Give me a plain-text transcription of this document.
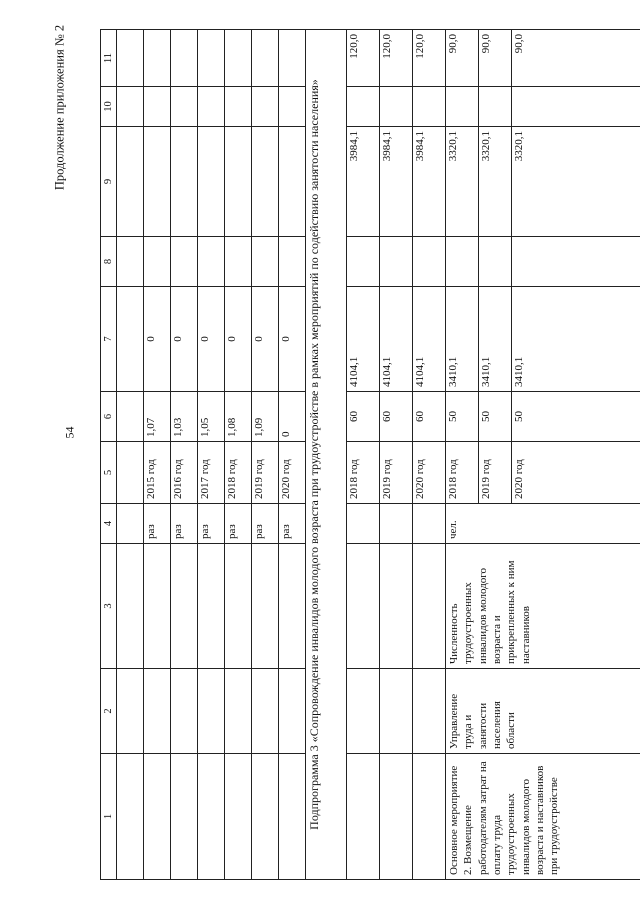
54
Продолжение приложения № 2
1	2	3	4	5	6	7	8	9	10	11

			раз	2015 год	1,07	0				
			раз	2016 год	1,03	0				
			раз	2017 год	1,05	0				
			раз	2018 год	1,08	0				
			раз	2019 год	1,09	0				
			раз	2020 год	0	0				
Подпрограмма 3 «Сопровождение инвалидов молодого возраста при трудоустройстве в рамках мероприятий по содействию занятости населения»										
				2018 год	60	4104,1		3984,1		120,0
				2019 год	60	4104,1		3984,1		120,0
				2020 год	60	4104,1		3984,1		120,0
Основное мероприятие 2. Возмещение работодателям затрат на оплату труда трудоустроенных инвалидов молодого возраста и наставников при трудоустройстве	Управление труда и занятости населения области	Численность трудоустроенных инвалидов молодого возраста и прикрепленных к ним наставников	чел.	2018 год	50	3410,1		3320,1		90,0
				2019 год	50	3410,1		3320,1		90,0
				2020 год	50	3410,1		3320,1		90,0
